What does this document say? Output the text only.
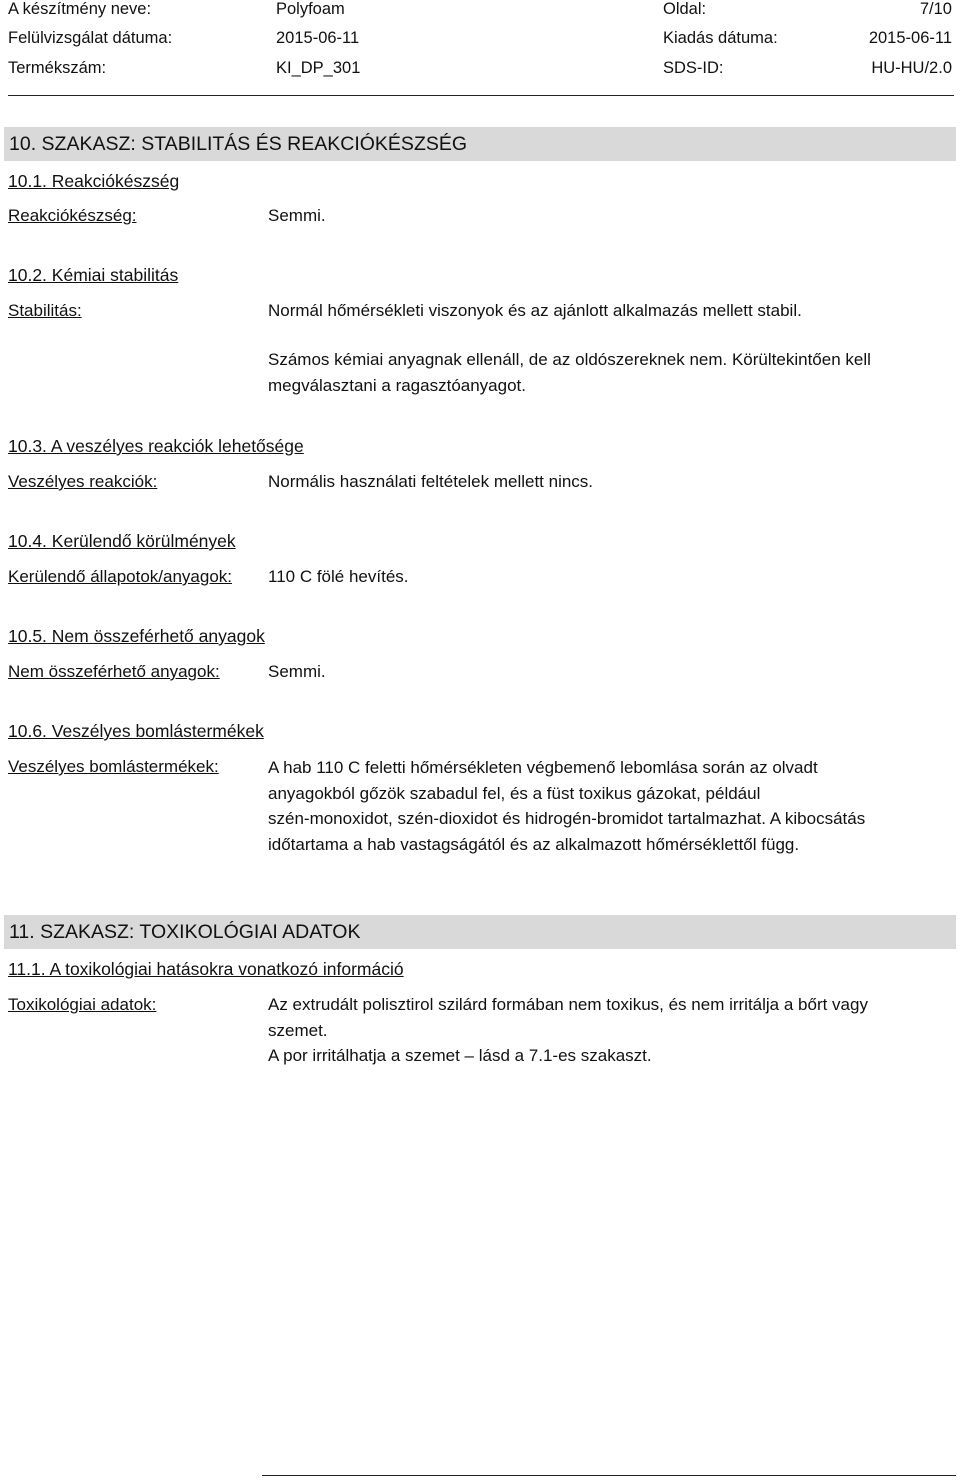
A készítmény neve:	Polyfoam	Oldal:	7/10
Felülvizsgálat dátuma:	2015-06-11	Kiadás dátuma:	2015-06-11
Termékszám:	KI_DP_301	SDS-ID:	HU-HU/2.0
10. SZAKASZ: STABILITÁS ÉS REAKCIÓKÉSZSÉG
10.1. Reakciókészség
Reakciókészség:	Semmi.
10.2. Kémiai stabilitás
Stabilitás:	Normál hőmérsékleti viszonyok és az ajánlott alkalmazás mellett stabil.
Számos kémiai anyagnak ellenáll, de az oldószereknek nem. Körültekintően kell
megválasztani a ragasztóanyagot.
10.3. A veszélyes reakciók lehetősége
Veszélyes reakciók:	Normális használati feltételek mellett nincs.
10.4. Kerülendő körülmények
Kerülendő állapotok/anyagok: 110 C fölé hevítés.
10.5. Nem összeférhető anyagok
Nem összeférhető anyagok:	Semmi.
10.6. Veszélyes bomlástermékek
Veszélyes bomlástermékek:	A hab 110 C feletti hőmérsékleten végbemenő lebomlása során az olvadt
anyagokból gőzök szabadul fel, és a füst toxikus gázokat, például
szén-monoxidot, szén-dioxidot és hidrogén-bromidot tartalmazhat. A kibocsátás
időtartama a hab vastagságától és az alkalmazott hőmérséklettől függ.
11. SZAKASZ: TOXIKOLÓGIAI ADATOK
11.1. A toxikológiai hatásokra vonatkozó információ
Toxikológiai adatok:	Az extrudált polisztirol szilárd formában nem toxikus, és nem irritálja a bőrt vagy
szemet.
A por irritálhatja a szemet – lásd a 7.1-es szakaszt.
